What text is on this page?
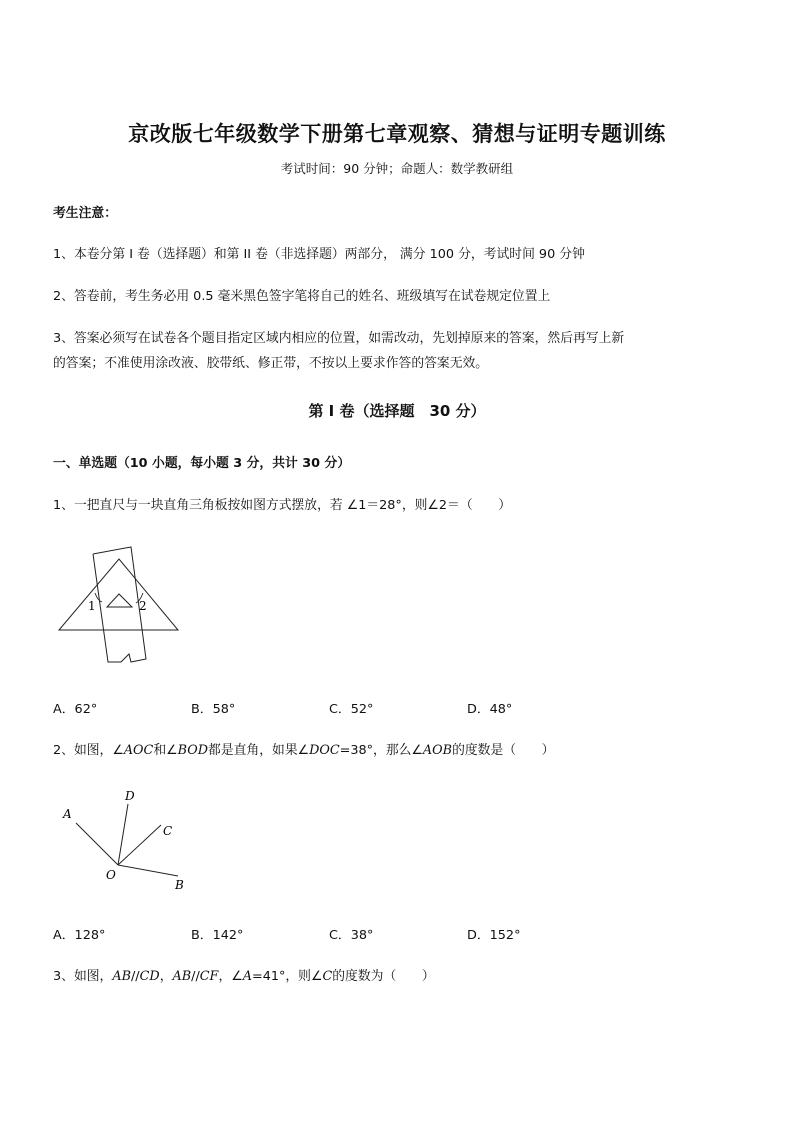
京改版七年级数学下册第七章观察、猜想与证明专题训练
考试时间：90 分钟；命题人：数学教研组
考生注意：
1、本卷分第 I 卷（选择题）和第 II 卷（非选择题）两部分， 满分 100 分，考试时间 90 分钟
2、答卷前，考生务必用 0.5 毫米黑色签字笔将自己的姓名、班级填写在试卷规定位置上
3、答案必须写在试卷各个题目指定区域内相应的位置，如需改动，先划掉原来的答案，然后再写上新
的答案；不准使用涂改液、胶带纸、修正带，不按以上要求作答的答案无效。
第 I 卷（选择题　30 分）
一、单选题（10 小题，每小题 3 分，共计 30 分）
1、一把直尺与一块直角三角板按如图方式摆放，若 ∠1＝28°，则∠2＝（　　）
1	2
A．62°	B．58°	C．52°	D．48°
2、如图，∠AOC和∠BOD都是直角，如果∠DOC=38°，那么∠AOB的度数是（　　）
A
D
C
O
B
A．128°	B．142°	C．38°	D．152°
3、如图，AB//CD，AB//CF，∠A=41°，则∠C的度数为（　　）
